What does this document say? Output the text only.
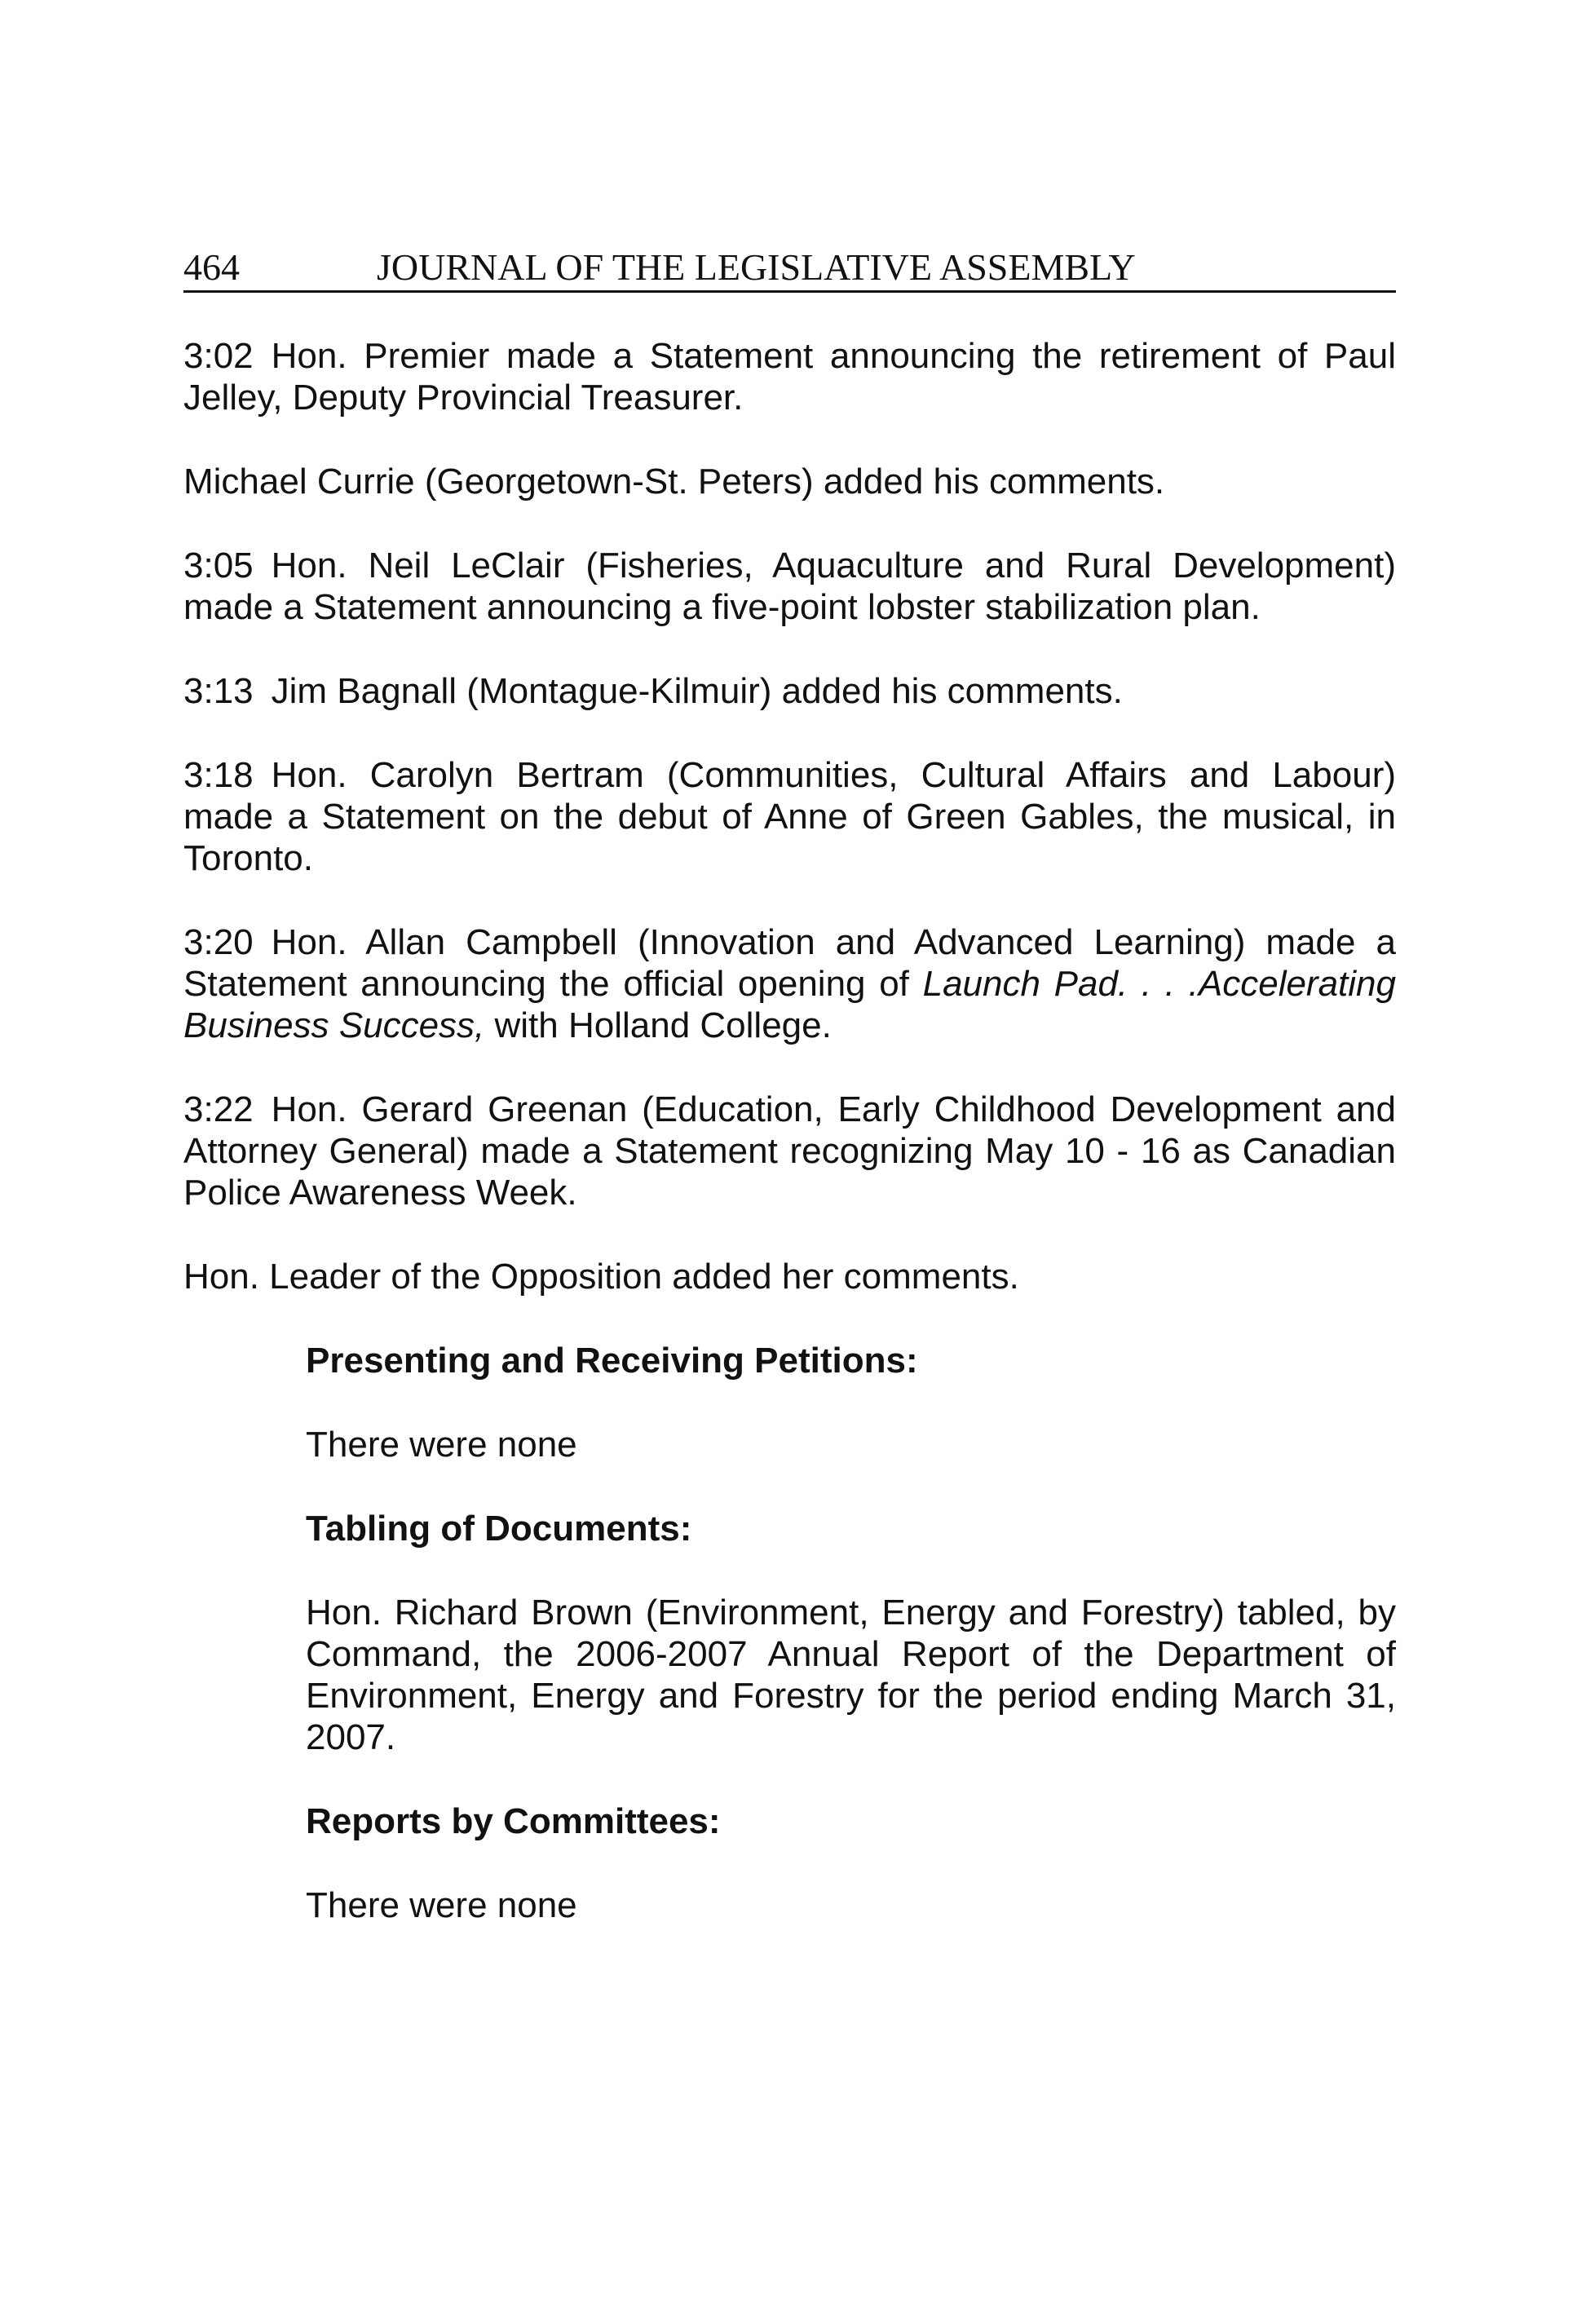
464	JOURNAL OF THE LEGISLATIVE ASSEMBLY

3:02 Hon. Premier made a Statement announcing the retirement of Paul Jelley, Deputy Provincial Treasurer.

Michael Currie (Georgetown-St. Peters) added his comments.

3:05 Hon. Neil LeClair (Fisheries, Aquaculture and Rural Development) made a Statement announcing a five-point lobster stabilization plan.

3:13 Jim Bagnall (Montague-Kilmuir) added his comments.

3:18 Hon. Carolyn Bertram (Communities, Cultural Affairs and Labour) made a Statement on the debut of Anne of Green Gables, the musical, in Toronto.

3:20 Hon. Allan Campbell (Innovation and Advanced Learning) made a Statement announcing the official opening of Launch Pad. . . .Accelerating Business Success, with Holland College.

3:22 Hon. Gerard Greenan (Education, Early Childhood Development and Attorney General) made a Statement recognizing May 10 - 16 as Canadian Police Awareness Week.

Hon. Leader of the Opposition added her comments.

Presenting and Receiving Petitions:

There were none

Tabling of Documents:

Hon. Richard Brown (Environment, Energy and Forestry) tabled, by Command, the 2006-2007 Annual Report of the Department of Environment, Energy and Forestry for the period ending March 31, 2007.

Reports by Committees:

There were none
